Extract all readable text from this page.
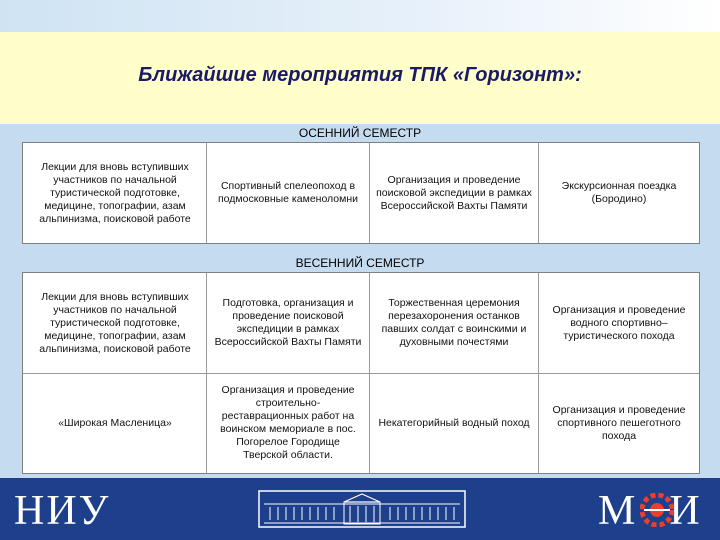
Ближайшие мероприятия ТПК «Горизонт»:
ОСЕННИЙ СЕМЕСТР
Лекции для вновь вступивших участников по начальной туристической подготовке, медицине, топографии, азам альпинизма, поисковой работе
Спортивный спелеопоход в подмосковные каменоломни
Организация и проведение поисковой экспедиции в рамках Всероссийской Вахты Памяти
Экскурсионная поездка (Бородино)
ВЕСЕННИЙ СЕМЕСТР
Лекции для вновь вступивших участников по начальной туристической подготовке, медицине, топографии, азам альпинизма, поисковой работе
Подготовка, организация и проведение поисковой экспедиции в рамках Всероссийской Вахты Памяти
Торжественная церемония перезахоронения останков павших солдат с воинскими и духовными почестями
Организация и проведение водного спортивно–туристического похода
«Широкая Масленица»
Организация и проведение строительно-реставрационных работ на воинском мемориале в пос. Погорелое Городище Тверской области.
Некатегорийный водный поход
Организация и проведение спортивного пешеготного похода
НИУ	М И
